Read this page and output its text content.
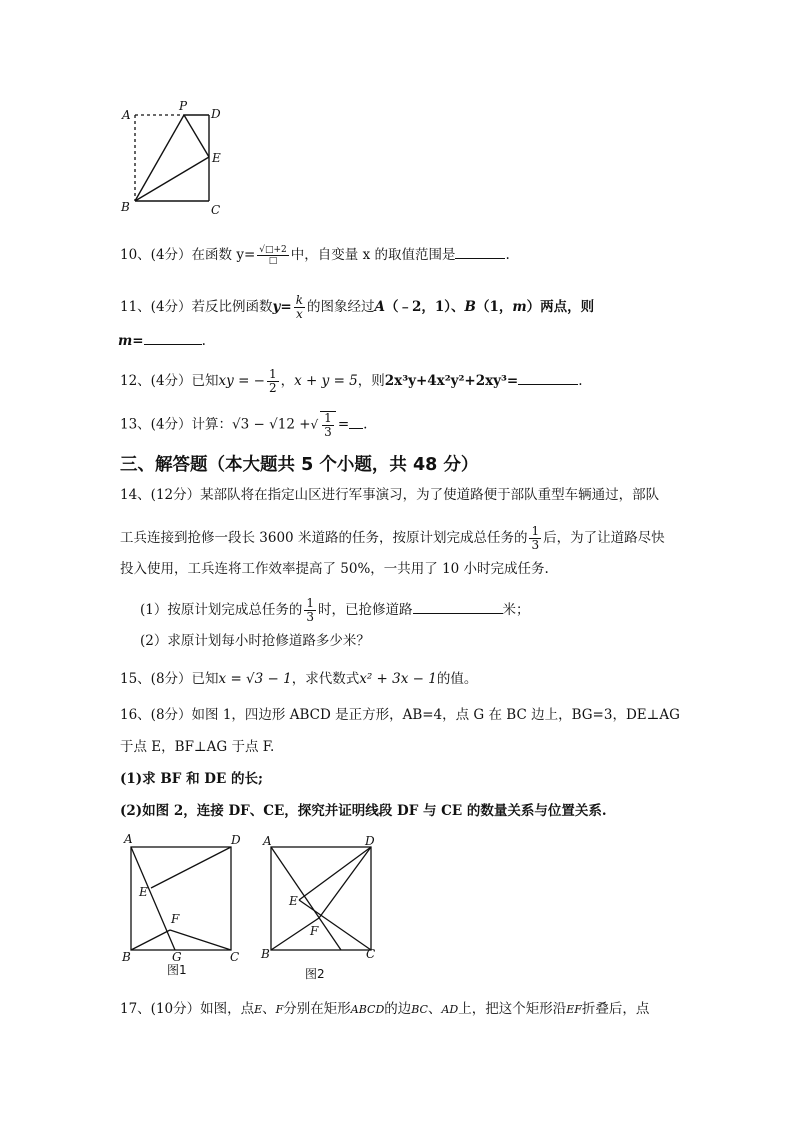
A
P
D
E
B	C
10、(4分）在函数 $y= \frac{√□+2}{□}$ 中，自变量 x 的取值范围是	.
11、(4分）若反比例函数$y= \frac{k}{x}$ 的图象经过A（﹣2，1）、B（1，m）两点，则
m=	.
12、(4分）已知xy = − $\frac{1}{2}$ ，x + y = 5，则2x³y+4x²y²+2xy³=	.
13、(4分）计算：√3 − √12 +√ $\frac{1}{3}$ = .
三、解答题（本大题共 5 个小题，共 48 分）
14、(12分）某部队将在指定山区进行军事演习，为了使道路便于部队重型车辆通过，部队
工兵连接到抢修一段长 3600 米道路的任务，按原计划完成总任务的 $\frac{1}{3}$ 后，为了让道路尽快
投入使用，工兵连将工作效率提高了 50%，一共用了 10 小时完成任务.
(1）按原计划完成总任务的 $\frac{1}{3}$ 时，已抢修道路	米；
(2）求原计划每小时抢修道路多少米？
15、(8分）已知x = √3 − 1，求代数式x² + 3x − 1的值。
16、(8分）如图 1，四边形 ABCD 是正方形，AB=4，点 G 在 BC 边上，BG=3，DE⊥AG
于点 E，BF⊥AG 于点 F.
(1)求 BF 和 DE 的长;
(2)如图 2，连接 DF、CE，探究并证明线段 DF 与 CE 的数量关系与位置关系.
A	D
E
F
B	G	C
图1
A	D
E
F
B	C
图2
17、(10分）如图，点E、F分别在矩形ABCD的边BC、AD上，把这个矩形沿EF折叠后，点
